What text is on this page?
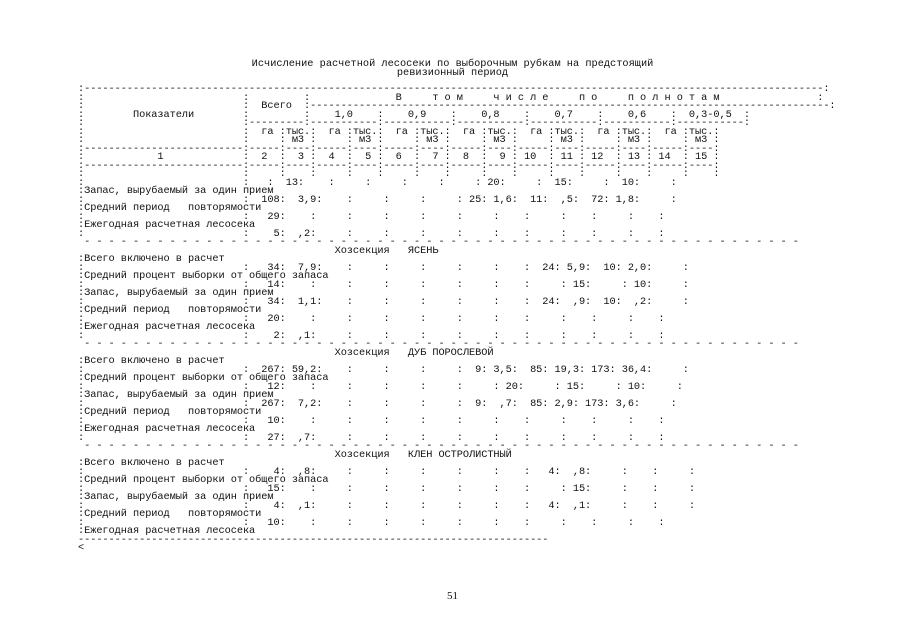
Исчисление расчетной лесосеки по выборочным рубкам на предстоящий

ревизионный период

:-------------------------------------------------------------------------------------------------------------------------:

:                          :         :              В     т о м     ч и с л е     п о     п о л н о т а м                :

:                          :  Всего  :-------------------------------------------------------------------------------------:

:        Показатели        :         :    1,0    :    0,9    :    0,8    :    0,7    :    0,6    :  0,3-0,5  :

:                          :---------:-----------:-----------:-----------:-----------:-----------:-----------:

:                          :  га :тыс.:  га :тыс.:  га :тыс.:  га :тыс.:  га :тыс.:  га :тыс.:  га :тыс.:

:                          :     : м3 :     : м3 :     : м3 :     : м3 :     : м3 :     : м3 :     : м3 :

:--------------------------:-----:----:-----:----:-----:----:-----:----:-----:----:-----:----:-----:----:

:            1             :  2  :  3 :  4  :  5 :  6  :  7 :  8  :  9 : 10  : 11 : 12  : 13 : 14  : 15 :

:--------------------------:-----:----:-----:----:-----:----:-----:----:-----:----:-----:----:-----:----:

:                          :     :    :     :    :     :    :     :    :     :    :     :    :     :    :

:                          :   :  13:    :     :     :     :     : 20:     :  15:     :  10:     :

:Запас, вырубаемый за один прием

:                          :  108:  3,9:    :     :     :     : 25: 1,6:  11:  ,5:  72: 1,8:     :

:Средний период   повторямости

:                          :   29:    :     :     :     :     :     :    :     :    :     :    :

:Ежегодная расчетная лесосека

:                          :    5:  ,2:     :     :     :     :     :    :     :    :     :    :

- - - - - - - - - - - - - - - - - - - - - - - - - - - - - - - - - - - - - - - - - - - - - - - - - - - - - - - - - - -

Хозсекция   ЯСЕНЬ

:Всего включено в расчет

:                          :   34:  7,9:    :     :     :     :     :    :  24: 5,9:  10: 2,0:     :

:Средний процент выборки от общего запаса

:                          :   14:    :     :     :     :     :     :    :     : 15:     : 10:     :

:Запас, вырубаемый за один прием

:                          :   34:  1,1:    :     :     :     :     :    :  24:  ,9:  10:  ,2:     :

:Средний период   повторямости

:                          :   20:    :     :     :     :     :     :    :     :    :     :    :

:Ежегодная расчетная лесосека

:                          :    2:  ,1:     :     :     :     :     :    :     :    :     :    :

- - - - - - - - - - - - - - - - - - - - - - - - - - - - - - - - - - - - - - - - - - - - - - - - - - - - - - - - - - -

Хозсекция   ДУБ ПОРОСЛЕВОЙ

:Всего включено в расчет

:                          :  267: 59,2:    :     :     :     :  9: 3,5:  85: 19,3: 173: 36,4:     :

:Средний процент выборки от общего запаса

:                          :   12:    :     :     :     :     :     : 20:     : 15:     : 10:     :

:Запас, вырубаемый за один прием

:                          :  267:  7,2:    :     :     :     :  9:  ,7:  85: 2,9: 173: 3,6:     :

:Средний период   повторямости

:                          :   10:    :     :     :     :     :     :    :     :    :     :    :

:Ежегодная расчетная лесосека

:                          :   27:  ,7:     :     :     :     :     :    :     :    :     :    :

- - - - - - - - - - - - - - - - - - - - - - - - - - - - - - - - - - - - - - - - - - - - - - - - - - - - - - - - - - -

Хозсекция   КЛЕН ОСТРОЛИСТНЫЙ

:Всего включено в расчет

:                          :    4:  ,8:     :     :     :     :     :    :   4:  ,8:     :    :     :

:Средний процент выборки от общего запаса

:                          :   15:    :     :     :     :     :     :    :     : 15:     :    :     :

:Запас, вырубаемый за один прием

:                          :    4:  ,1:     :     :     :     :     :    :   4:  ,1:     :    :     :

:Средний период   повторямости

:                          :   10:    :     :     :     :     :     :    :     :    :     :    :

:Ежегодная расчетная лесосека

-----------------------------------------------------------------------------

<

51
